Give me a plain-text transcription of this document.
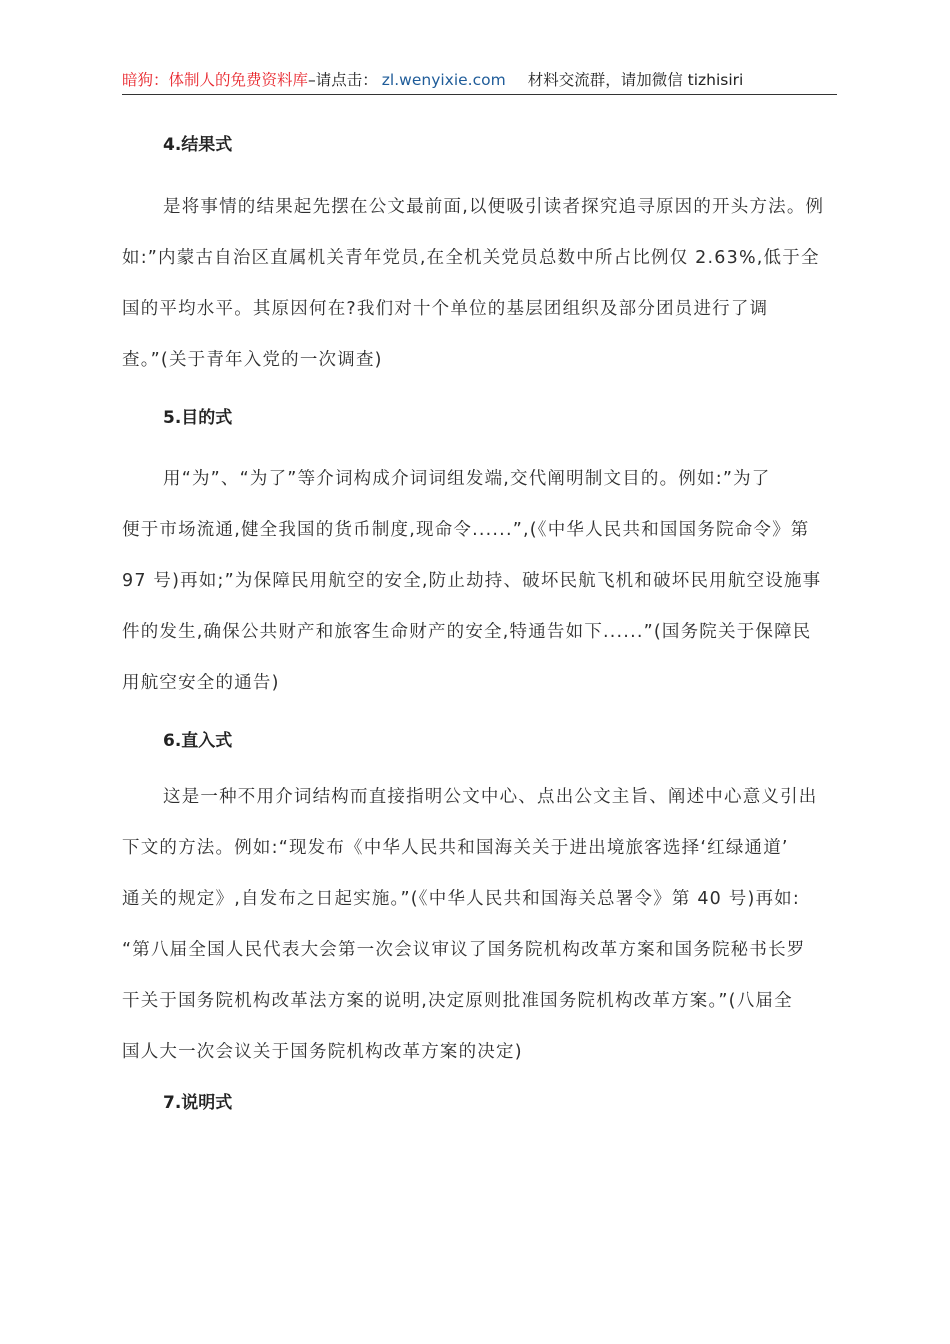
暗狗：体制人的免费资料库–请点击： zl.wenyixie.com 材料交流群，请加微信 tizhisiri
4.结果式
是将事情的结果起先摆在公文最前面,以便吸引读者探究追寻原因的开头方法。例
如:”内蒙古自治区直属机关青年党员,在全机关党员总数中所占比例仅 2.63%,低于全
国的平均水平。其原因何在?我们对十个单位的基层团组织及部分团员进行了调
查。”(关于青年入党的一次调查)
5.目的式
用“为”、“为了”等介词构成介词词组发端,交代阐明制文目的。例如:”为了
便于市场流通,健全我国的货币制度,现命令......”,(《中华人民共和国国务院命令》第
97 号)再如;”为保障民用航空的安全,防止劫持、破坏民航飞机和破坏民用航空设施事
件的发生,确保公共财产和旅客生命财产的安全,特通告如下......”(国务院关于保障民
用航空安全的通告)
6.直入式
这是一种不用介词结构而直接指明公文中心、点出公文主旨、阐述中心意义引出
下文的方法。例如:“现发布《中华人民共和国海关关于进出境旅客选择‘红绿通道’
通关的规定》,自发布之日起实施。”(《中华人民共和国海关总署令》第 40 号)再如:
“第八届全国人民代表大会第一次会议审议了国务院机构改革方案和国务院秘书长罗
干关于国务院机构改革法方案的说明,决定原则批准国务院机构改革方案。”(八届全
国人大一次会议关于国务院机构改革方案的决定)
7.说明式
